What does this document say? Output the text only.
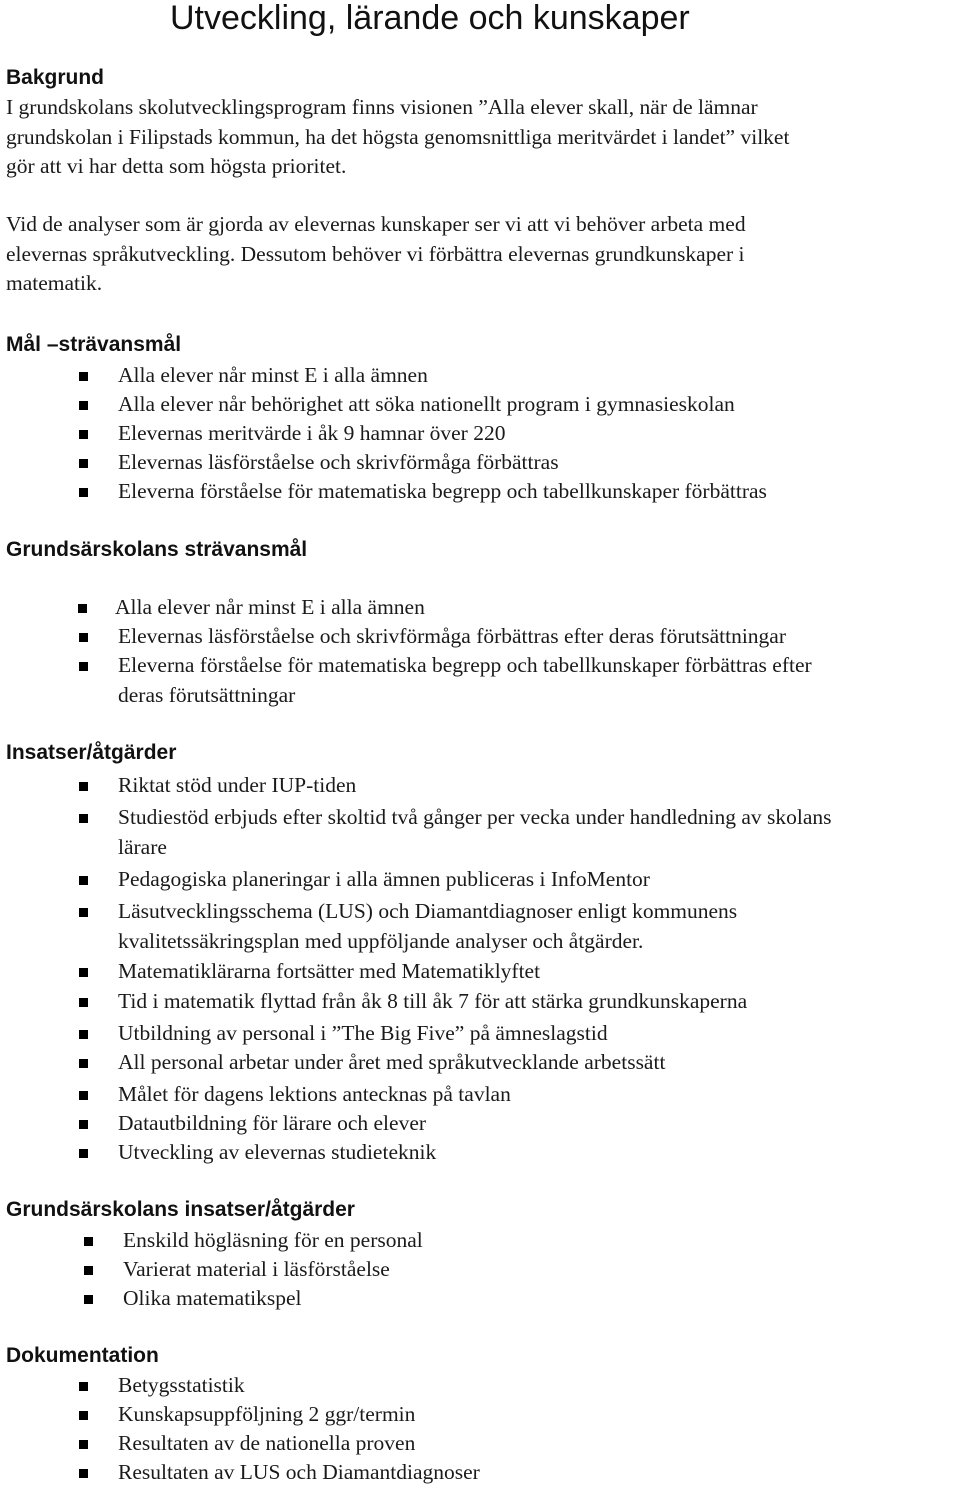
Utveckling, lärande och kunskaper
Bakgrund
I grundskolans skolutvecklingsprogram finns visionen ”Alla elever skall, när de lämnar
grundskolan i Filipstads kommun, ha det högsta genomsnittliga meritvärdet i landet” vilket
gör att vi har detta som högsta prioritet.
Vid de analyser som är gjorda av elevernas kunskaper ser vi att vi behöver arbeta med
elevernas språkutveckling. Dessutom behöver vi förbättra elevernas grundkunskaper i
matematik.
Mål –strävansmål
Alla elever når minst E i alla ämnen
Alla elever når behörighet att söka nationellt program i gymnasieskolan
Elevernas meritvärde i åk 9 hamnar över 220
Elevernas läsförståelse och skrivförmåga förbättras
Eleverna förståelse för matematiska begrepp och tabellkunskaper förbättras
Grundsärskolans strävansmål
Alla elever når minst E i alla ämnen
Elevernas läsförståelse och skrivförmåga förbättras efter deras förutsättningar
Eleverna förståelse för matematiska begrepp och tabellkunskaper förbättras efter
deras förutsättningar
Insatser/åtgärder
Riktat stöd under IUP-tiden
Studiestöd erbjuds efter skoltid två gånger per vecka under handledning av skolans
lärare
Pedagogiska planeringar i alla ämnen publiceras i InfoMentor
Läsutvecklingsschema (LUS) och Diamantdiagnoser enligt kommunens
kvalitetssäkringsplan med uppföljande analyser och åtgärder.
Matematiklärarna fortsätter med Matematiklyftet
Tid i matematik flyttad från åk 8 till åk 7 för att stärka grundkunskaperna
Utbildning av personal i ”The Big Five” på ämneslagstid
All personal arbetar under året med språkutvecklande arbetssätt
Målet för dagens lektions antecknas på tavlan
Datautbildning för lärare och elever
Utveckling av elevernas studieteknik
Grundsärskolans insatser/åtgärder
Enskild högläsning för en personal
Varierat material i läsförståelse
Olika matematikspel
Dokumentation
Betygsstatistik
Kunskapsuppföljning 2 ggr/termin
Resultaten av de nationella proven
Resultaten av LUS och Diamantdiagnoser
